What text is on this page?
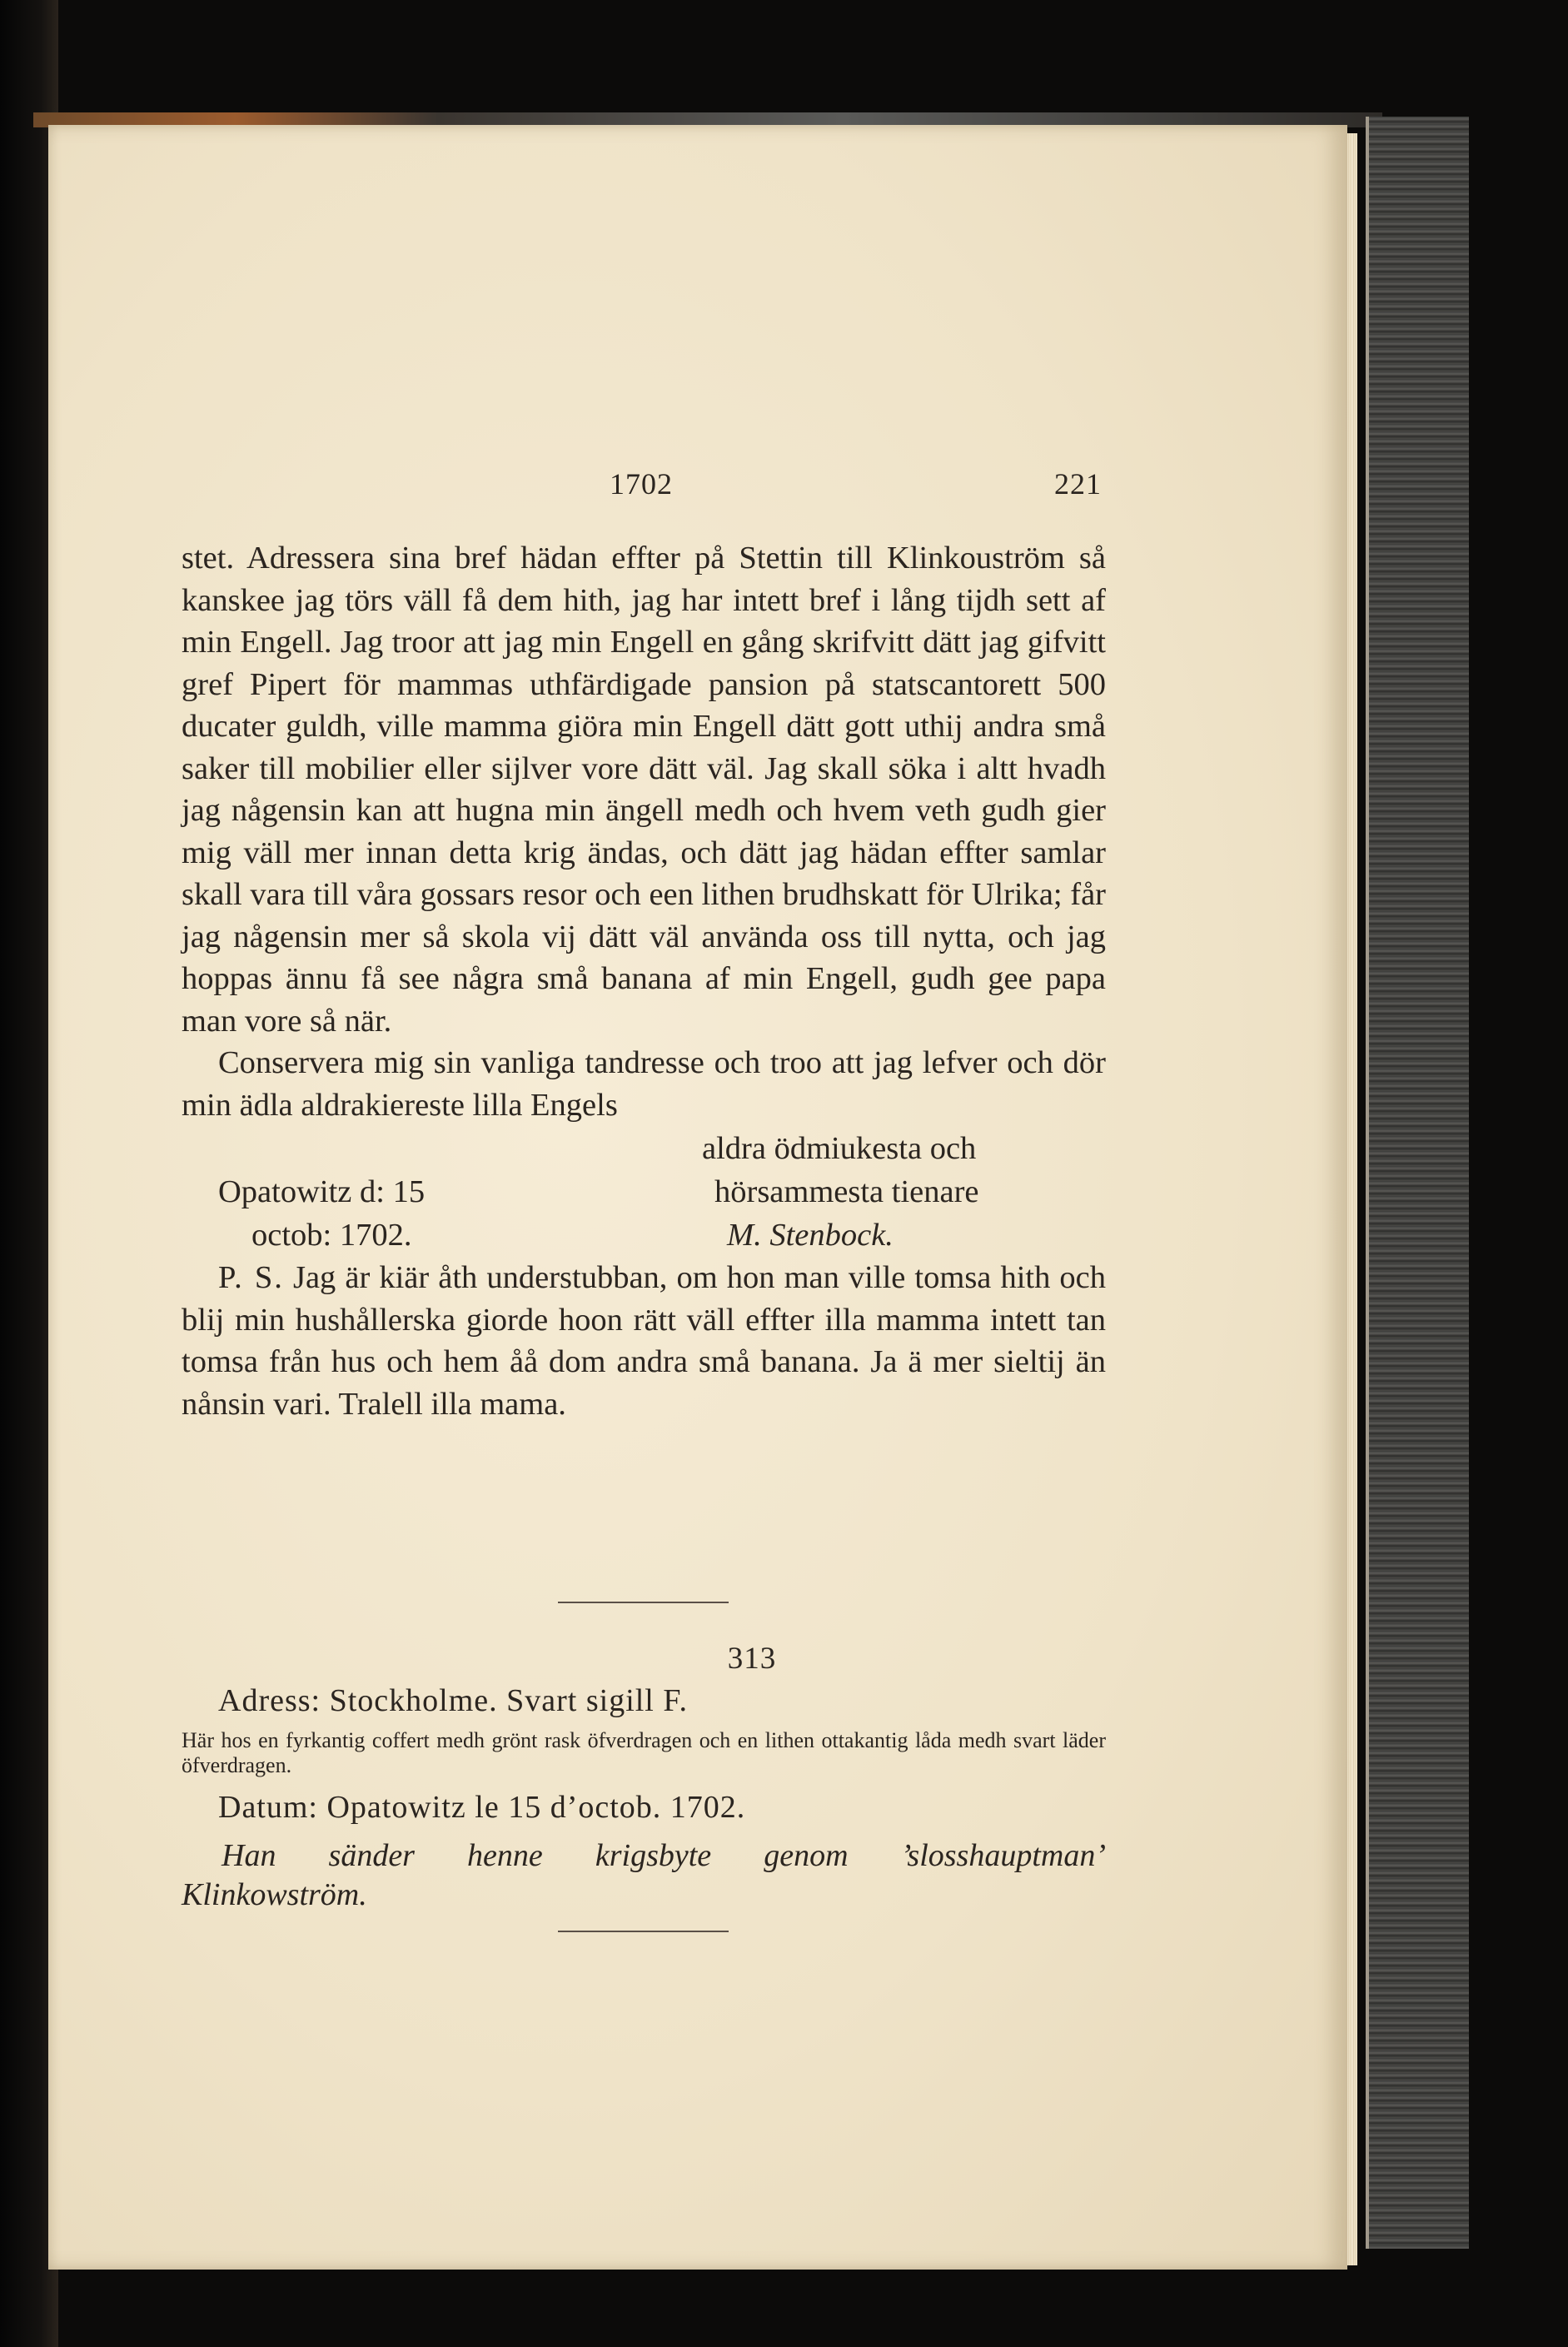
1702	221

stet. Adressera sina bref hädan effter på Stettin till Klinkouström så kanskee jag törs väll få dem hith, jag har intett bref i lång tijdh sett af min Engell. Jag troor att jag min Engell en gång skrifvitt dätt jag gifvitt gref Pipert för mammas uthfärdigade pansion på statscantorett 500 ducater guldh, ville mamma giöra min Engell dätt gott uthij andra små saker till mobilier eller sijlver vore dätt väl. Jag skall söka i altt hvadh jag någensin kan att hugna min ängell medh och hvem veth gudh gier mig väll mer innan detta krig ändas, och dätt jag hädan effter samlar skall vara till våra gossars resor och een lithen brudhskatt för Ulrika; får jag någensin mer så skola vij dätt väl använda oss till nytta, och jag hoppas ännu få see några små banana af min Engell, gudh gee papa man vore så när.

Conservera mig sin vanliga tandresse och troo att jag lefver och dör min ädla aldrakiereste lilla Engels

aldra ödmiukesta och
Opatowitz d: 15	hörsammesta tienare
octob: 1702.	M. Stenbock.

P. S. Jag är kiär åth understubban, om hon man ville tomsa hith och blij min hushållerska giorde hoon rätt väll effter illa mamma intett tan tomsa från hus och hem åå dom andra små banana. Ja ä mer sieltij än nånsin vari. Tralell illa mama.

313
Adress: Stockholme. Svart sigill F.
Här hos en fyrkantig coffert medh grönt rask öfverdragen och en lithen ottakantig låda medh svart läder öfverdragen.
Datum: Opatowitz le 15 d’octob. 1702.
Han sänder henne krigsbyte genom ’slosshauptman’ Klinkowström.
